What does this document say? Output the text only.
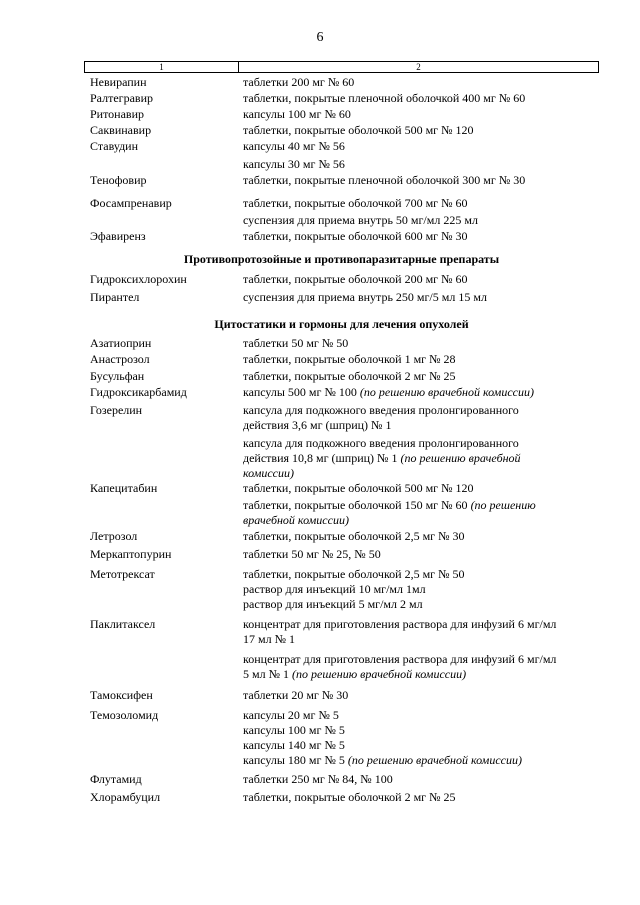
6
1	2
Противопротозойные и противопаразитарные препараты
Цитостатики и гормоны для лечения опухолей
Невирапин	таблетки 200 мг № 60
Ралтегравир	таблетки, покрытые пленочной оболочкой 400 мг № 60
Ритонавир	капсулы 100 мг № 60
Саквинавир	таблетки, покрытые оболочкой 500 мг № 120
Ставудин	капсулы 40 мг № 56
капсулы 30 мг № 56
Тенофовир	таблетки, покрытые пленочной оболочкой 300 мг № 30
Фосампренавир	таблетки, покрытые оболочкой 700 мг № 60
суспензия для приема внутрь 50 мг/мл 225 мл
Эфавиренз	таблетки, покрытые оболочкой 600 мг № 30
Гидроксихлорохин	таблетки, покрытые оболочкой 200 мг № 60
Пирантел	суспензия для приема внутрь 250 мг/5 мл 15 мл
Азатиоприн	таблетки 50 мг № 50
Анастрозол	таблетки, покрытые оболочкой 1 мг № 28
Бусульфан	таблетки, покрытые оболочкой 2 мг № 25
Гидроксикарбамид	капсулы 500 мг № 100 (по решению врачебной комиссии)
Гозерелин	капсула для подкожного введения пролонгированного
действия 3,6 мг (шприц) № 1
капсула для подкожного введения пролонгированного
действия 10,8 мг (шприц) № 1 (по решению врачебной
комиссии)
Капецитабин	таблетки, покрытые оболочкой 500 мг № 120
таблетки, покрытые оболочкой 150 мг № 60 (по решению
врачебной комиссии)
Летрозол	таблетки, покрытые оболочкой 2,5 мг № 30
Меркаптопурин	таблетки 50 мг № 25, № 50
Метотрексат	таблетки, покрытые оболочкой 2,5 мг № 50
раствор для инъекций 10 мг/мл 1мл
раствор для инъекций 5 мг/мл 2 мл
Паклитаксел	концентрат для приготовления раствора для инфузий 6 мг/мл
17 мл № 1
концентрат для приготовления раствора для инфузий 6 мг/мл
5 мл № 1 (по решению врачебной комиссии)
Тамоксифен	таблетки 20 мг № 30
Темозоломид	капсулы 20 мг № 5
капсулы 100 мг № 5
капсулы 140 мг № 5
капсулы 180 мг № 5 (по решению врачебной комиссии)
Флутамид	таблетки 250 мг № 84, № 100
Хлорамбуцил	таблетки, покрытые оболочкой 2 мг № 25
